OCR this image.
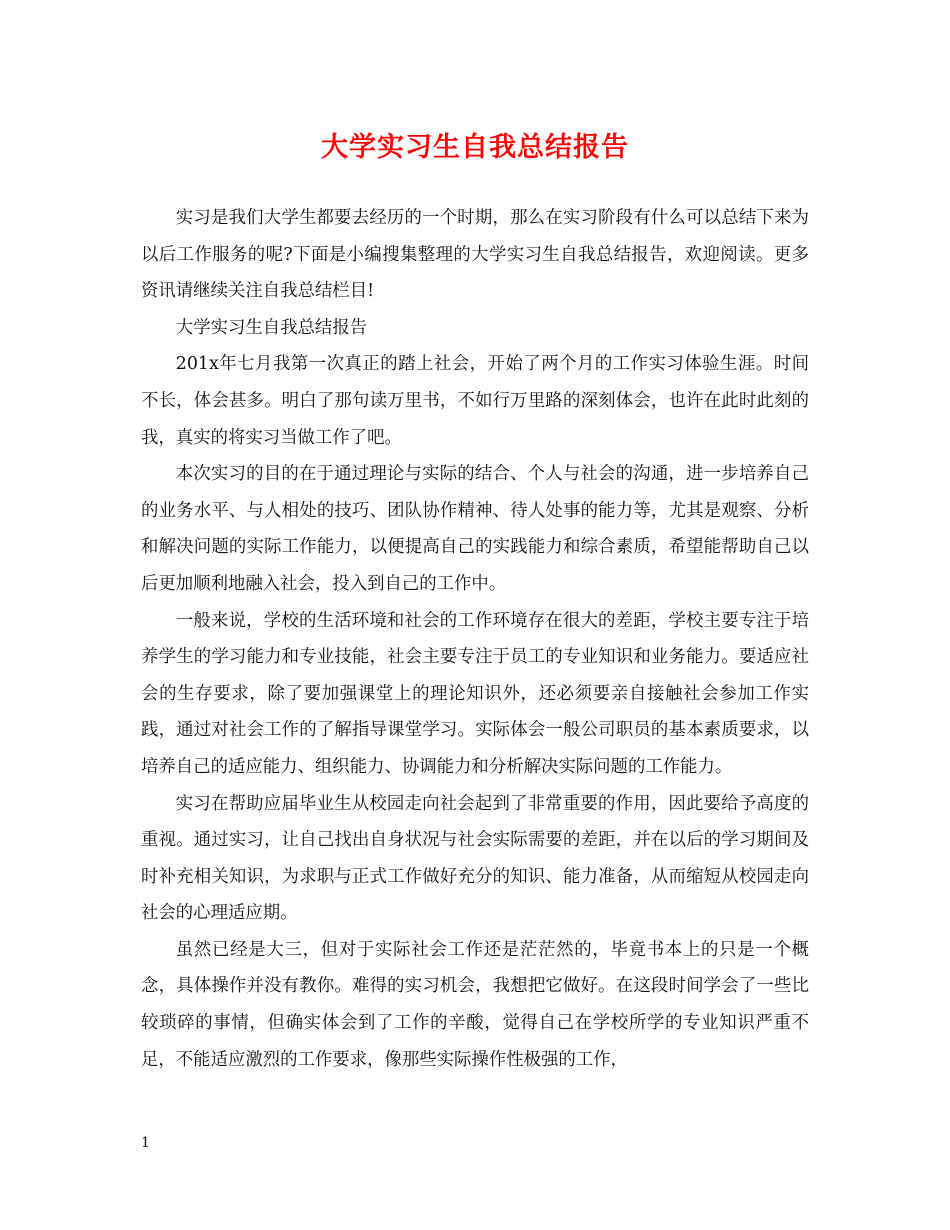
大学实习生自我总结报告

实习是我们大学生都要去经历的一个时期，那么在实习阶段有什么可以总结下来为以后工作服务的呢?下面是小编搜集整理的大学实习生自我总结报告，欢迎阅读。更多资讯请继续关注自我总结栏目!

大学实习生自我总结报告

201x年七月我第一次真正的踏上社会，开始了两个月的工作实习体验生涯。时间不长，体会甚多。明白了那句读万里书，不如行万里路的深刻体会，也许在此时此刻的我，真实的将实习当做工作了吧。

本次实习的目的在于通过理论与实际的结合、个人与社会的沟通，进一步培养自己的业务水平、与人相处的技巧、团队协作精神、待人处事的能力等，尤其是观察、分析和解决问题的实际工作能力，以便提高自己的实践能力和综合素质，希望能帮助自己以后更加顺利地融入社会，投入到自己的工作中。

一般来说，学校的生活环境和社会的工作环境存在很大的差距，学校主要专注于培养学生的学习能力和专业技能，社会主要专注于员工的专业知识和业务能力。要适应社会的生存要求，除了要加强课堂上的理论知识外，还必须要亲自接触社会参加工作实践，通过对社会工作的了解指导课堂学习。实际体会一般公司职员的基本素质要求，以培养自己的适应能力、组织能力、协调能力和分析解决实际问题的工作能力。

实习在帮助应届毕业生从校园走向社会起到了非常重要的作用，因此要给予高度的重视。通过实习，让自己找出自身状况与社会实际需要的差距，并在以后的学习期间及时补充相关知识，为求职与正式工作做好充分的知识、能力准备，从而缩短从校园走向社会的心理适应期。

虽然已经是大三，但对于实际社会工作还是茫茫然的，毕竟书本上的只是一个概念，具体操作并没有教你。难得的实习机会，我想把它做好。在这段时间学会了一些比较琐碎的事情，但确实体会到了工作的辛酸，觉得自己在学校所学的专业知识严重不足，不能适应激烈的工作要求，像那些实际操作性极强的工作，

1
